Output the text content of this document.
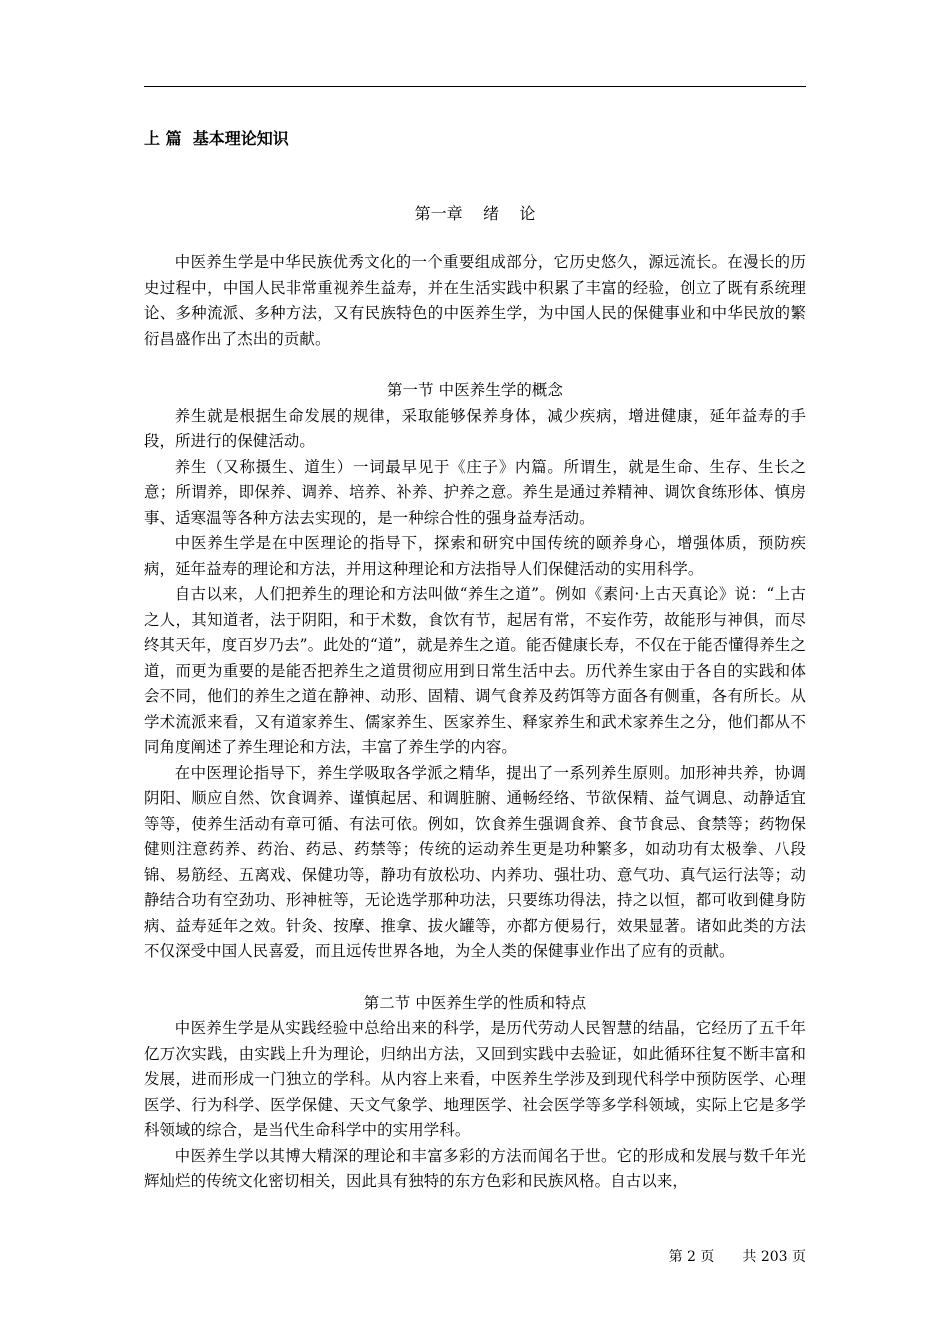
上 篇  基本理论知识
第一章    绪    论

中医养生学是中华民族优秀文化的一个重要组成部分，它历史悠久，源远流长。在漫长的历史过程中，中国人民非常重视养生益寿，并在生活实践中积累了丰富的经验，创立了既有系统理论、多种流派、多种方法，又有民族特色的中医养生学，为中国人民的保健事业和中华民放的繁衍昌盛作出了杰出的贡献。

第一节 中医养生学的概念

养生就是根据生命发展的规律，采取能够保养身体，减少疾病，增进健康，延年益寿的手段，所进行的保健活动。

养生（又称摄生、道生）一词最早见于《庄子》内篇。所谓生，就是生命、生存、生长之意；所谓养，即保养、调养、培养、补养、护养之意。养生是通过养精神、调饮食练形体、慎房事、适寒温等各种方法去实现的，是一种综合性的强身益寿活动。

中医养生学是在中医理论的指导下，探索和研究中国传统的颐养身心，增强体质，预防疾病，延年益寿的理论和方法，并用这种理论和方法指导人们保健活动的实用科学。

自古以来，人们把养生的理论和方法叫做“养生之道”。例如《素问·上古天真论》说：“上古之人，其知道者，法于阴阳，和于术数，食饮有节，起居有常，不妄作劳，故能形与神俱，而尽终其天年，度百岁乃去”。此处的“道”，就是养生之道。能否健康长寿，不仅在于能否懂得养生之道，而更为重要的是能否把养生之道贯彻应用到日常生活中去。历代养生家由于各自的实践和体会不同，他们的养生之道在静神、动形、固精、调气食养及药饵等方面各有侧重，各有所长。从学术流派来看，又有道家养生、儒家养生、医家养生、释家养生和武术家养生之分，他们都从不同角度阐述了养生理论和方法，丰富了养生学的内容。

在中医理论指导下，养生学吸取各学派之精华，提出了一系列养生原则。加形神共养，协调阴阳、顺应自然、饮食调养、谨慎起居、和调脏腑、通畅经络、节欲保精、益气调息、动静适宜等等，使养生活动有章可循、有法可依。例如，饮食养生强调食养、食节食忌、食禁等；药物保健则注意药养、药治、药忌、药禁等；传统的运动养生更是功种繁多，如动功有太极拳、八段锦、易筋经、五离戏、保健功等，静功有放松功、内养功、强壮功、意气功、真气运行法等；动静结合功有空劲功、形神桩等，无论选学那种功法，只要练功得法，持之以恒，都可收到健身防病、益寿延年之效。针灸、按摩、推拿、拔火罐等，亦都方便易行，效果显著。诸如此类的方法不仅深受中国人民喜爱，而且远传世界各地，为全人类的保健事业作出了应有的贡献。

第二节 中医养生学的性质和特点

中医养生学是从实践经验中总给出来的科学，是历代劳动人民智慧的结晶，它经历了五千年亿万次实践，由实践上升为理论，归纳出方法，又回到实践中去验证，如此循环往复不断丰富和发展，进而形成一门独立的学科。从内容上来看，中医养生学涉及到现代科学中预防医学、心理医学、行为科学、医学保健、天文气象学、地理医学、社会医学等多学科领域，实际上它是多学科领域的综合，是当代生命科学中的实用学科。

中医养生学以其博大精深的理论和丰富多彩的方法而闻名于世。它的形成和发展与数千年光辉灿烂的传统文化密切相关，因此具有独特的东方色彩和民族风格。自古以来，

第 2 页 共 203 页
